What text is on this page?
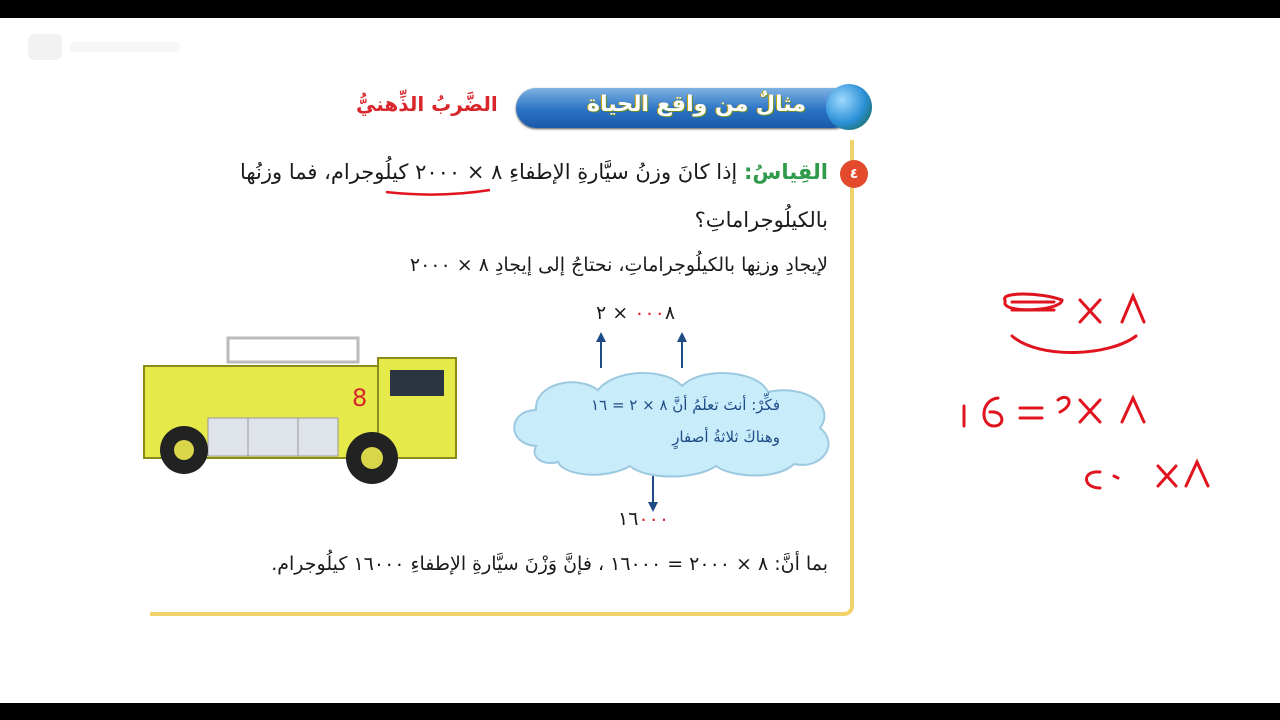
مثالٌ من واقع الحياة
الضَّربُ الذِّهنيُّ
٤
القِياسُ: إذا كانَ وزنُ سيَّارةِ الإطفاءِ ٨ × ٢٠٠٠ كيلُوجرام، فما وزنُها
بالكيلُوجراماتِ؟
لإيجادِ وزنِها بالكيلُوجراماتِ، نحتاجُ إلى إيجادِ ٨ × ٢٠٠٠
٠٠٠٨ × ٢
فكِّرْ: أنتَ تعلَمُ أنَّ ٨ × ٢ = ١٦
وهناكَ ثلاثةُ أصفارٍ
١٦٠٠٠
بما أنَّ: ٨ × ٢٠٠٠ = ١٦٠٠٠ ، فإنَّ وَزْنَ سيَّارةِ الإطفاءِ ١٦٠٠٠ كيلُوجرام.
8
